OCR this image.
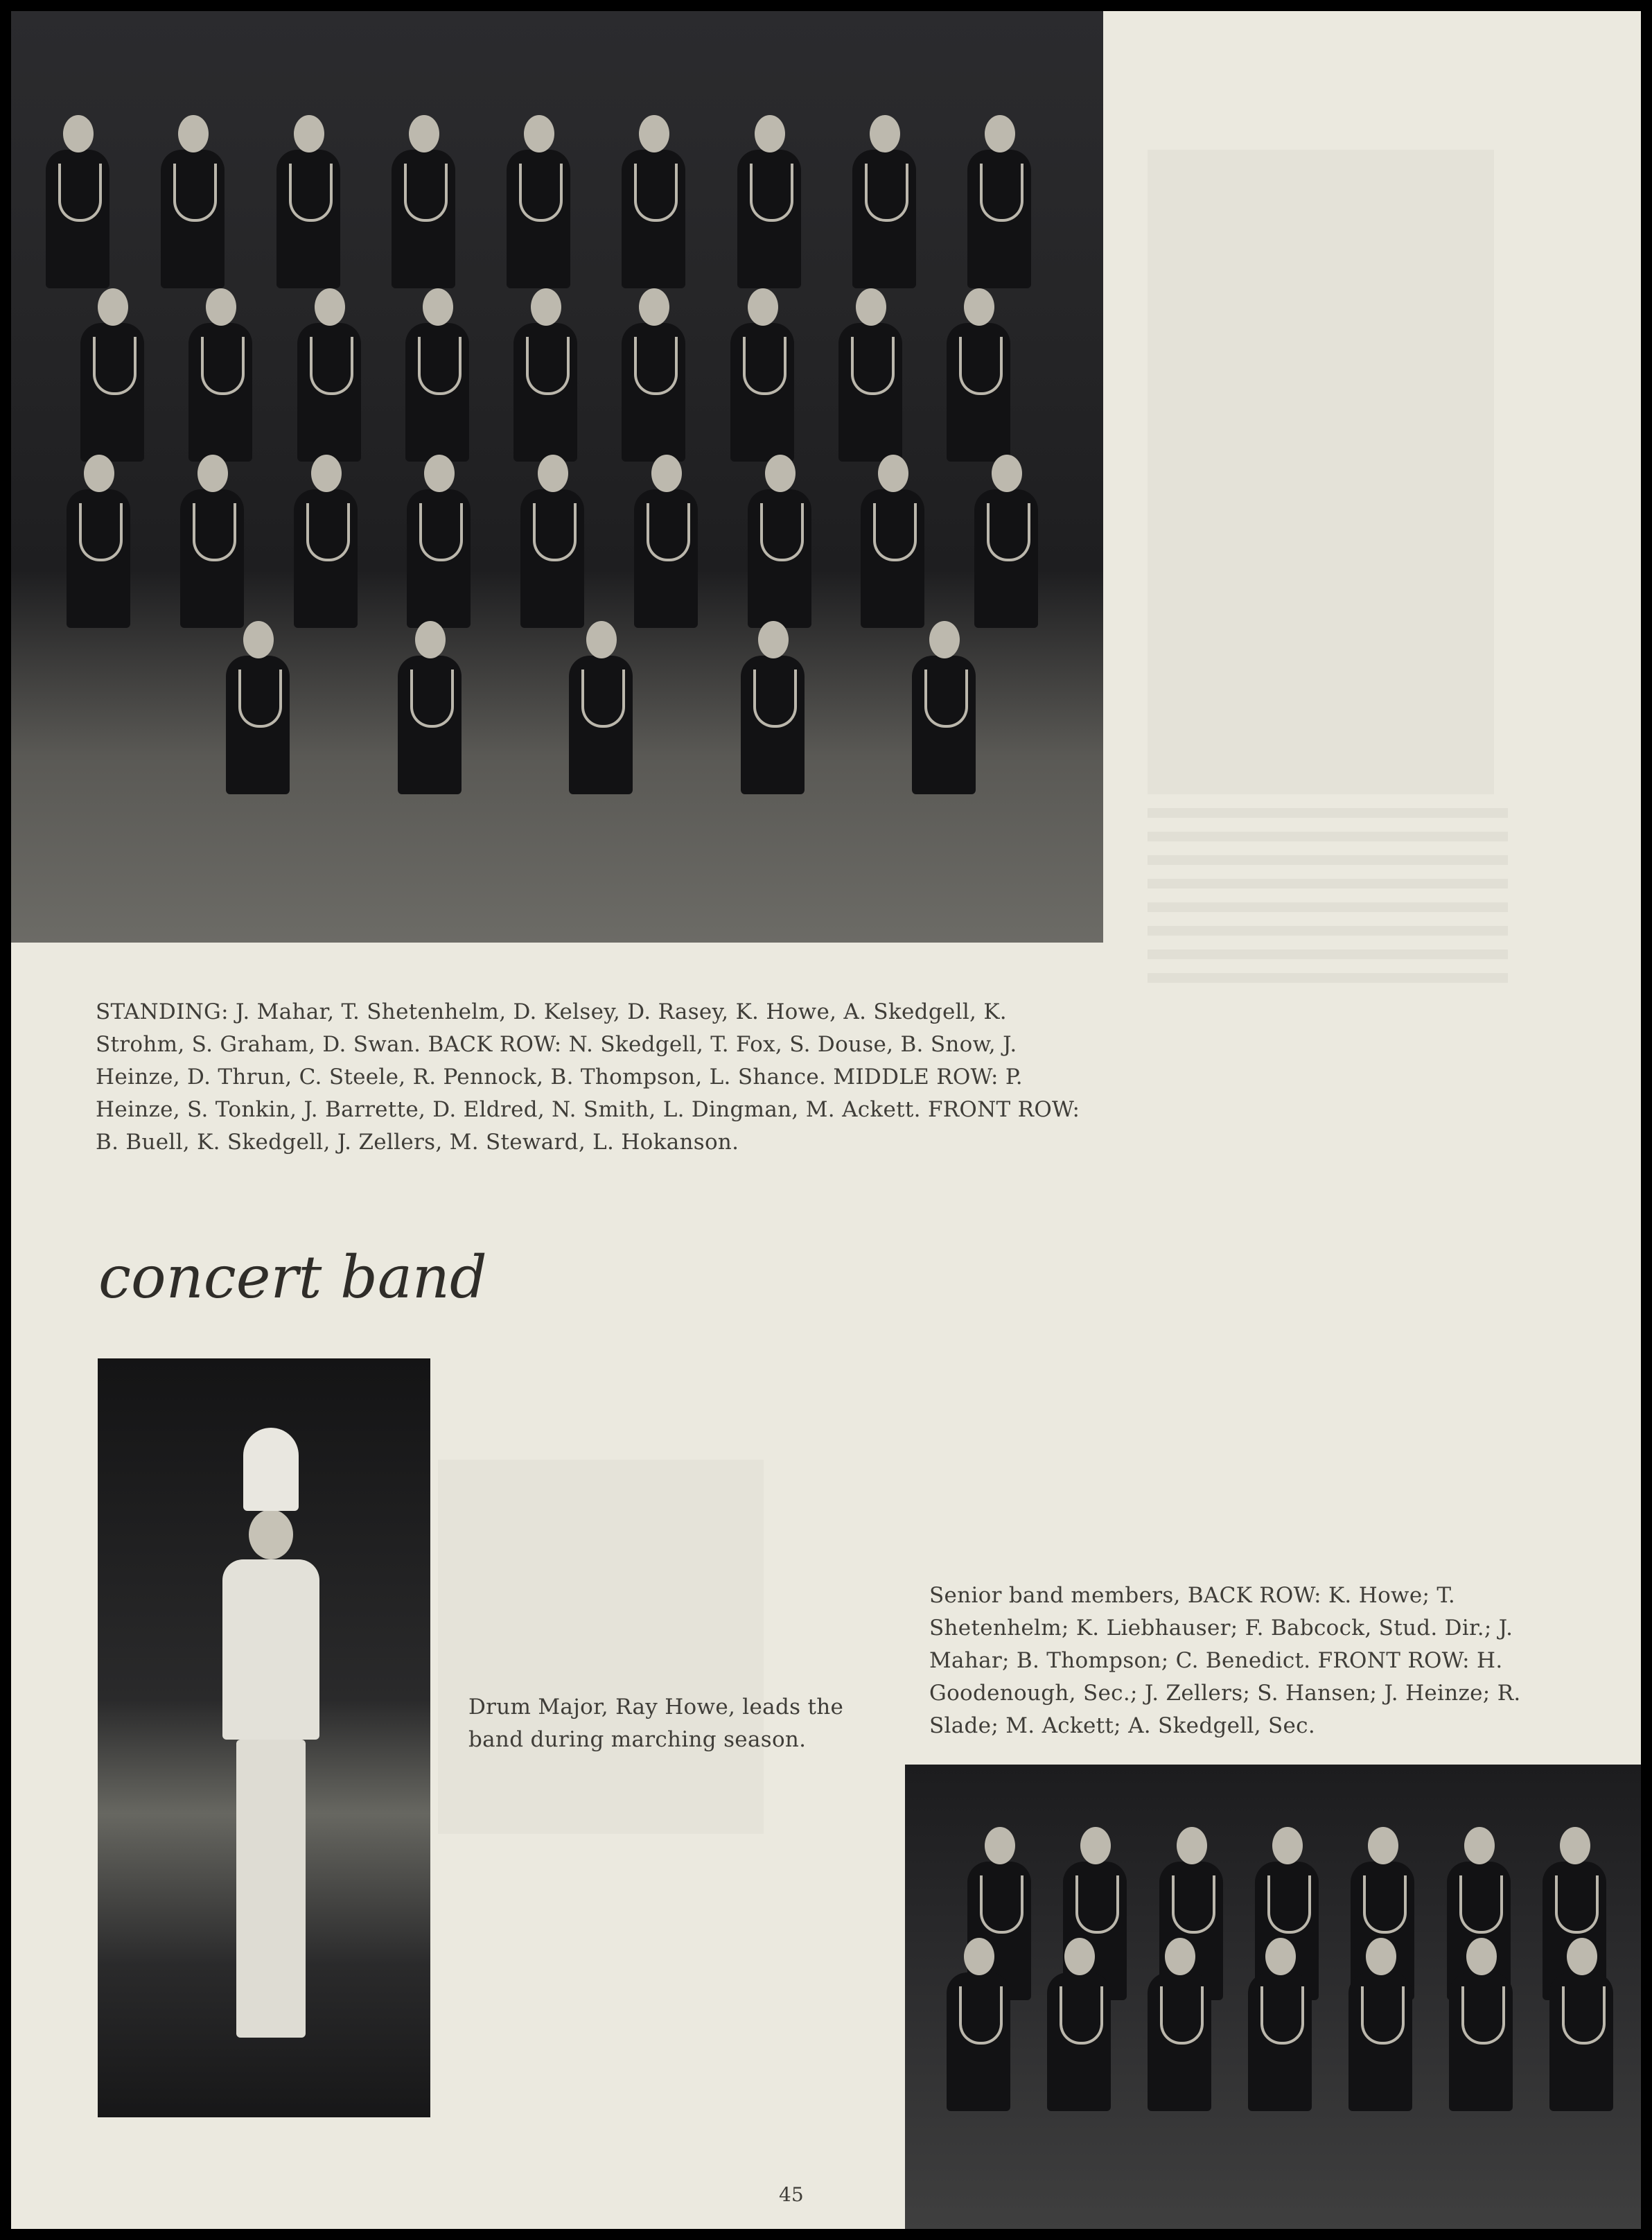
STANDING: J. Mahar, T. Shetenhelm, D. Kelsey, D. Rasey, K. Howe, A. Skedgell, K. Strohm, S. Graham, D. Swan. BACK ROW: N. Skedgell, T. Fox, S. Douse, B. Snow, J. Heinze, D. Thrun, C. Steele, R. Pennock, B. Thompson, L. Shance. MIDDLE ROW: P. Heinze, S. Tonkin, J. Barrette, D. Eldred, N. Smith, L. Dingman, M. Ackett. FRONT ROW: B. Buell, K. Skedgell, J. Zellers, M. Steward, L. Hokanson.

concert band

Drum Major, Ray Howe, leads the band during marching season.

Senior band members, BACK ROW: K. Howe; T. Shetenhelm; K. Liebhauser; F. Babcock, Stud. Dir.; J. Mahar; B. Thompson; C. Benedict. FRONT ROW: H. Goodenough, Sec.; J. Zellers; S. Hansen; J. Heinze; R. Slade; M. Ackett; A. Skedgell, Sec.

45
